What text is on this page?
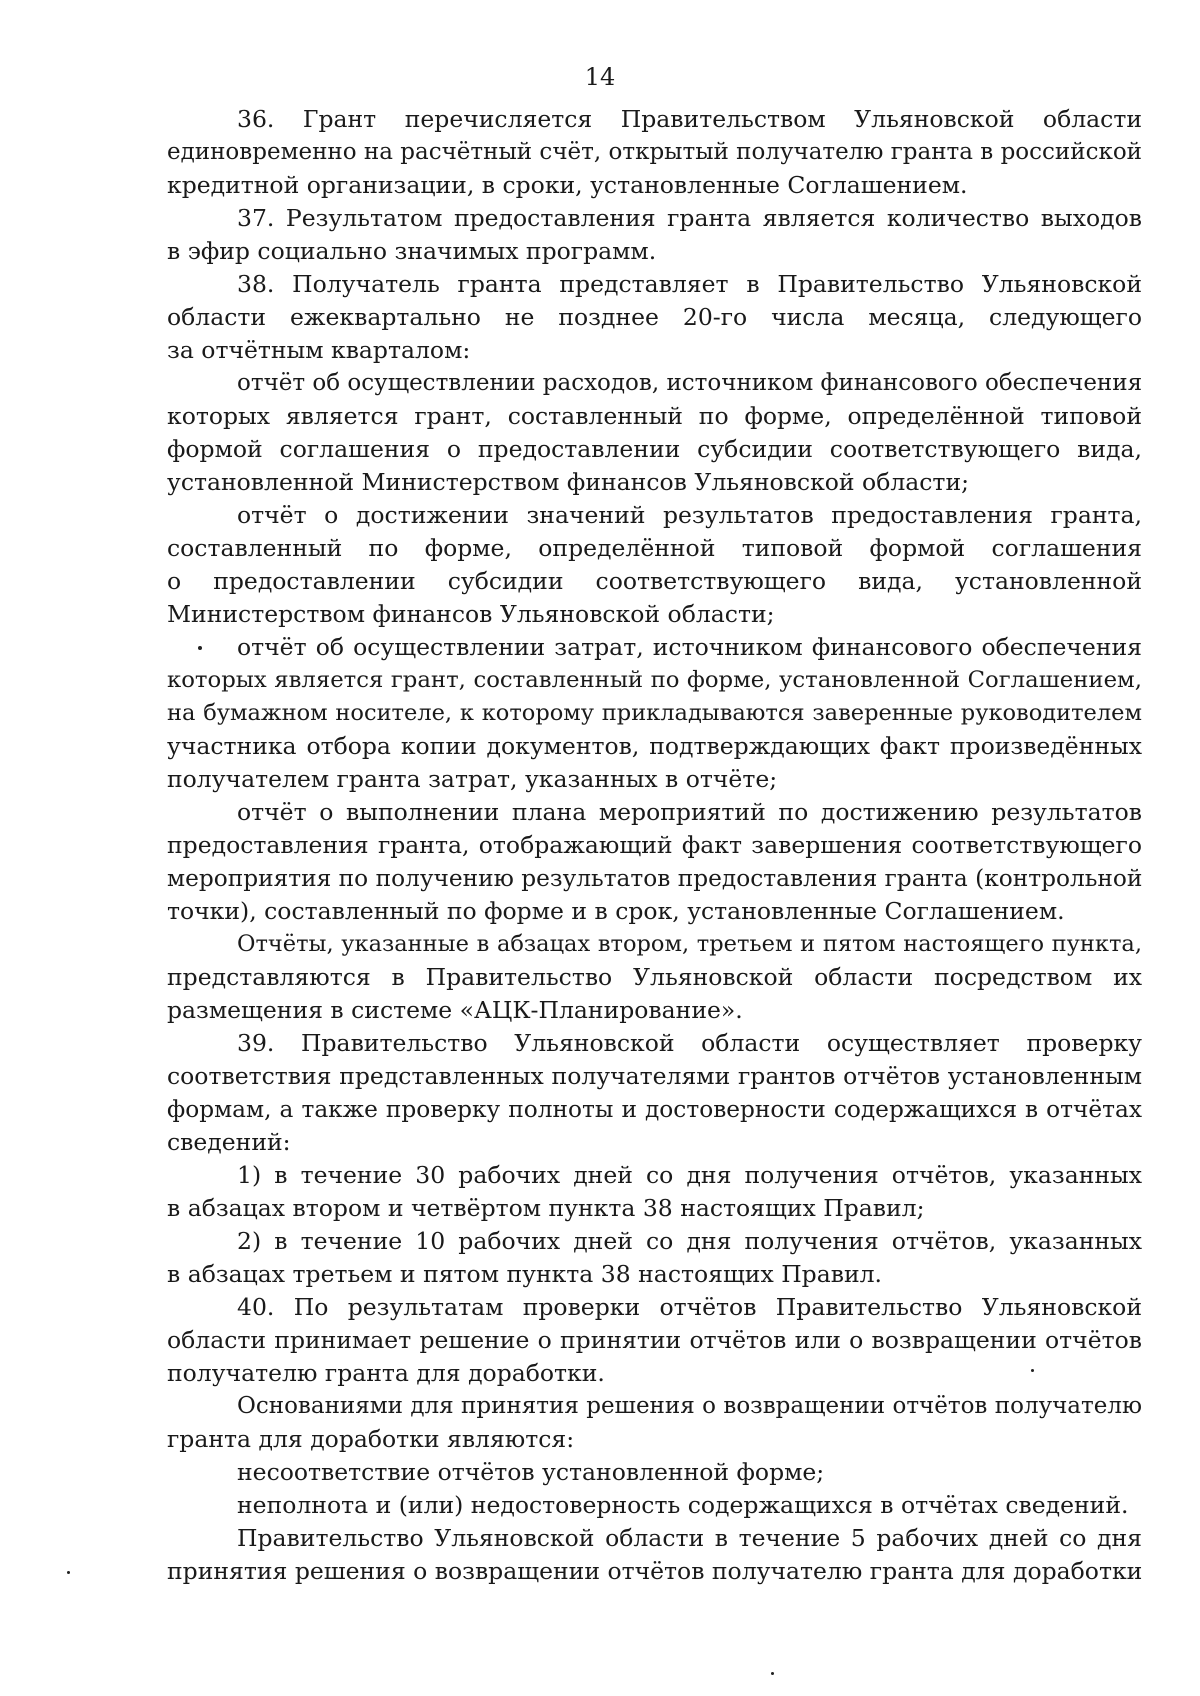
14
36. Грант перечисляется Правительством Ульяновской области
единовременно на расчётный счёт, открытый получателю гранта в российской
кредитной организации, в сроки, установленные Соглашением.
37. Результатом предоставления гранта является количество выходов
в эфир социально значимых программ.
38. Получатель гранта представляет в Правительство Ульяновской
области ежеквартально не позднее 20-го числа месяца, следующего
за отчётным кварталом:
отчёт об осуществлении расходов, источником финансового обеспечения
которых является грант, составленный по форме, определённой типовой
формой соглашения о предоставлении субсидии соответствующего вида,
установленной Министерством финансов Ульяновской области;
отчёт о достижении значений результатов предоставления гранта,
составленный по форме, определённой типовой формой соглашения
о предоставлении субсидии соответствующего вида, установленной
Министерством финансов Ульяновской области;
отчёт об осуществлении затрат, источником финансового обеспечения
которых является грант, составленный по форме, установленной Соглашением,
на бумажном носителе, к которому прикладываются заверенные руководителем
участника отбора копии документов, подтверждающих факт произведённых
получателем гранта затрат, указанных в отчёте;
отчёт о выполнении плана мероприятий по достижению результатов
предоставления гранта, отображающий факт завершения соответствующего
мероприятия по получению результатов предоставления гранта (контрольной
точки), составленный по форме и в срок, установленные Соглашением.
Отчёты, указанные в абзацах втором, третьем и пятом настоящего пункта,
представляются в Правительство Ульяновской области посредством их
размещения в системе «АЦК-Планирование».
39. Правительство Ульяновской области осуществляет проверку
соответствия представленных получателями грантов отчётов установленным
формам, а также проверку полноты и достоверности содержащихся в отчётах
сведений:
1) в течение 30 рабочих дней со дня получения отчётов, указанных
в абзацах втором и четвёртом пункта 38 настоящих Правил;
2) в течение 10 рабочих дней со дня получения отчётов, указанных
в абзацах третьем и пятом пункта 38 настоящих Правил.
40. По результатам проверки отчётов Правительство Ульяновской
области принимает решение о принятии отчётов или о возвращении отчётов
получателю гранта для доработки.
Основаниями для принятия решения о возвращении отчётов получателю
гранта для доработки являются:
несоответствие отчётов установленной форме;
неполнота и (или) недостоверность содержащихся в отчётах сведений.
Правительство Ульяновской области в течение 5 рабочих дней со дня
принятия решения о возвращении отчётов получателю гранта для доработки
